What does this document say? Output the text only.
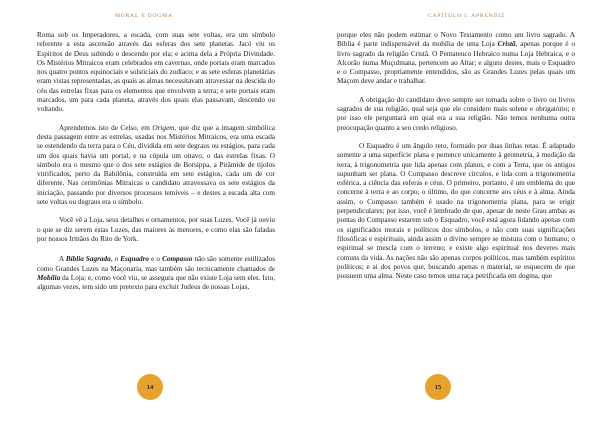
MORAL E DOGMA

Roma sob os Imperadores, a escada, com suas sete voltas, era um símbolo referente a esta ascensão através das esferas dos sete planetas. Jacó viu os Espíritos de Deus subindo e descendo por ela; e acima dela a Própria Divindade. Os Mistérios Mitraicos eram celebrados em cavernas, onde portais eram marcados nos quatro pontos equinociais e solsticiais do zodíaco; e as sete esferas planetárias eram vistas representadas, as quais as almas necessitavam atravessar na descida do céu das estrelas fixas para os elementos que envolvem a terra; e sete portais eram marcados, um para cada planeta, através dos quais elas passavam, descendo ou voltando.

Aprendemos isto de Celso, em Origem, que diz que a imagem simbólica desta passagem entre as estrelas, usadas nos Mistérios Mitraicos, era uma escada se estendendo da terra para o Céu, dividida em sete degraus ou estágios, para cada um dos quais havia um portal, e na cúpula um oitavo, o das estrelas fixas. O símbolo era o mesmo que o dos sete estágios de Borsippa, a Pirâmide de tijolos vitrificados, perto da Babilônia, construída em sete estágios, cada um de cor diferente. Nas cerimônias Mitraicas o candidato atravessava os sete estágios da iniciação, passando por diversos processos temíveis – e destes a escada alta com sete voltas ou degraus era o símbolo.

Você vê a Loja, seus detalhes e ornamentos, por suas Luzes. Você já ouviu o que se diz serem estas Luzes, das maiores às menores, e como elas são faladas por nossos Irmãos do Rito de York.

A Bíblia Sagrada, o Esquadro e o Compasso não são somente estilizados como Grandes Luzes na Maçonaria, mas também são tecnicamente chamados de Mobília da Loja; e, como você viu, se assegura que não existe Loja sem eles. Isto, algumas vezes, tem sido um pretexto para excluir Judeus de nossas Lojas,

14
CAPÍTULO I: APRENDIZ

porque eles não podem estimar o Novo Testamento como um livro sagrado. A Bíblia é parte indispensável da mobília de uma Loja Cristã, apenas porque é o livro sagrado da religião Cristã. O Pentateuco Hebraico numa Loja Hebraica, e o Alcorão numa Muçulmana, pertencem ao Altar; e alguns destes, mais o Esquadro e o Compasso, propriamente entendidos, são as Grandes Luzes pelas quais um Maçom deve andar e trabalhar.

A obrigação do candidato deve sempre ser tomada sobre o livro ou livros sagrados de sua religião, qual seja que ele considere mais solene e obrigatório; e por isso ele perguntará em qual era a sua religião. Não temos nenhuma outra preocupação quanto a seu credo religioso.

O Esquadro é um ângulo reto, formado por duas linhas retas. É adaptado somente a uma superfície plana e pertence unicamente à geometria, à medição da terra, à trigonometria que lida apenas com planos, e com a Terra, que os antigos supunham ser plana. O Compasso descreve círculos, e lida com a trigonometria esférica, a ciência das esferas e céus. O primeiro, portanto, é um emblema do que concerne à terra e ao corpo; o último, do que concerne aos céus e à alma. Ainda assim, o Compasso também é usado na trigonometria plana, para se erigir perpendiculares; por isso, você é lembrado de que, apesar de neste Grau ambas as pontas do Compasso estarem sob o Esquadro, você está agora lidando apenas com os significados morais e políticos dos símbolos, e não com suas significações filosóficas e espirituais, ainda assim o divino sempre se mistura com o humano; o espiritual se mescla com o terreno; e existe algo espiritual nos deveres mais comuns da vida. As nações não são apenas corpos políticos, mas também espíritos políticos; e ai dos povos que, buscando apenas o material, se esquecem de que possuem uma alma. Neste caso temos uma raça petrificada em dogma, que

15
